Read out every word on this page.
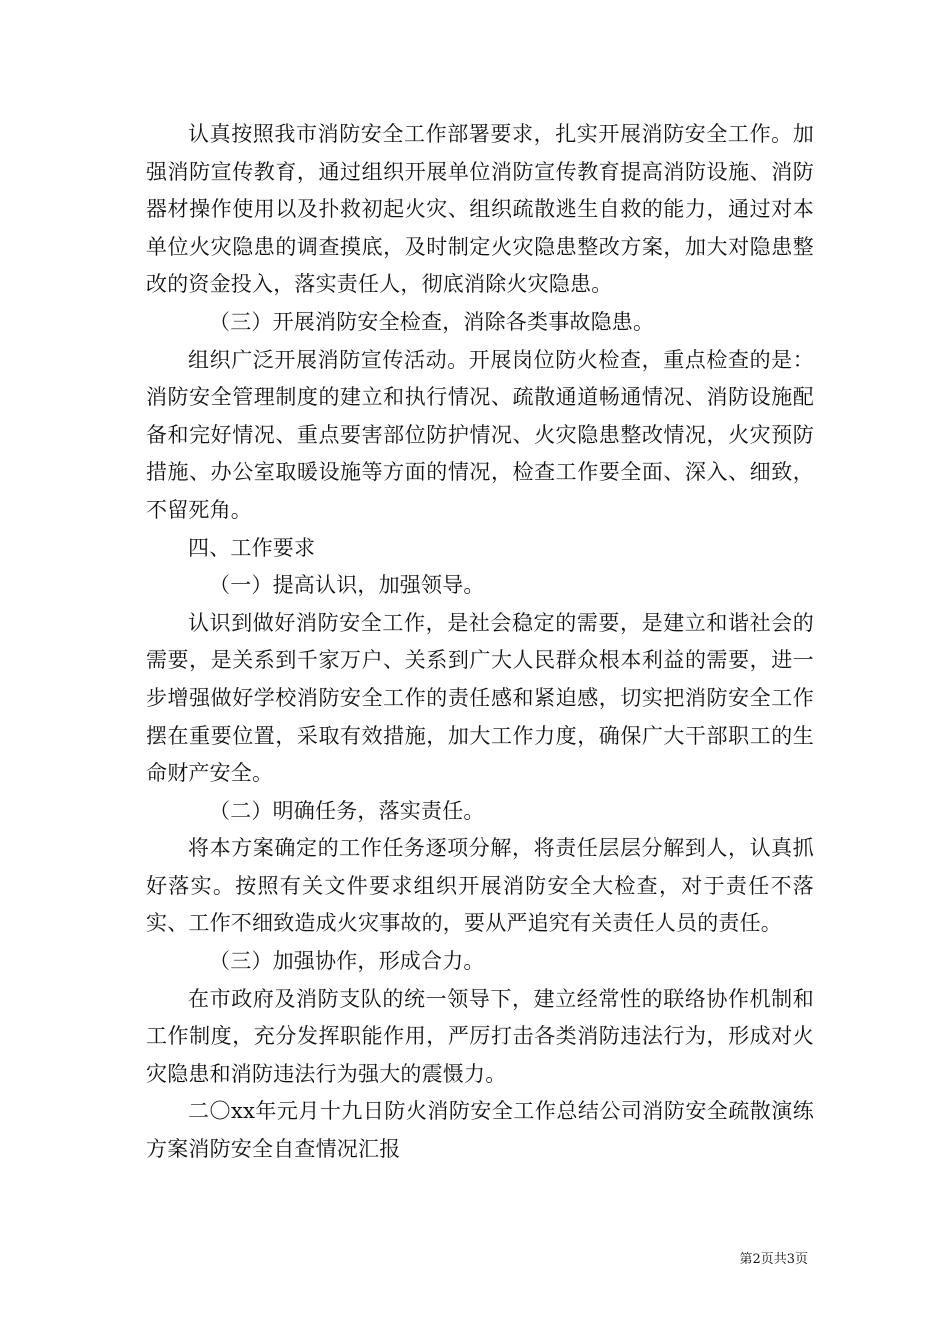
认真按照我市消防安全工作部署要求，扎实开展消防安全工作。加强消防宣传教育，通过组织开展单位消防宣传教育提高消防设施、消防器材操作使用以及扑救初起火灾、组织疏散逃生自救的能力，通过对本单位火灾隐患的调查摸底，及时制定火灾隐患整改方案，加大对隐患整改的资金投入，落实责任人，彻底消除火灾隐患。

（三）开展消防安全检查，消除各类事故隐患。

组织广泛开展消防宣传活动。开展岗位防火检查，重点检查的是：消防安全管理制度的建立和执行情况、疏散通道畅通情况、消防设施配备和完好情况、重点要害部位防护情况、火灾隐患整改情况，火灾预防措施、办公室取暖设施等方面的情况，检查工作要全面、深入、细致，不留死角。

四、工作要求

（一）提高认识，加强领导。

认识到做好消防安全工作，是社会稳定的需要，是建立和谐社会的需要，是关系到千家万户、关系到广大人民群众根本利益的需要，进一步增强做好学校消防安全工作的责任感和紧迫感，切实把消防安全工作摆在重要位置，采取有效措施，加大工作力度，确保广大干部职工的生命财产安全。

（二）明确任务，落实责任。

将本方案确定的工作任务逐项分解，将责任层层分解到人，认真抓好落实。按照有关文件要求组织开展消防安全大检查，对于责任不落实、工作不细致造成火灾事故的，要从严追究有关责任人员的责任。

（三）加强协作，形成合力。

在市政府及消防支队的统一领导下，建立经常性的联络协作机制和工作制度，充分发挥职能作用，严厉打击各类消防违法行为，形成对火灾隐患和消防违法行为强大的震慑力。

二〇xx年元月十九日防火消防安全工作总结公司消防安全疏散演练方案消防安全自查情况汇报

第2页共3页
